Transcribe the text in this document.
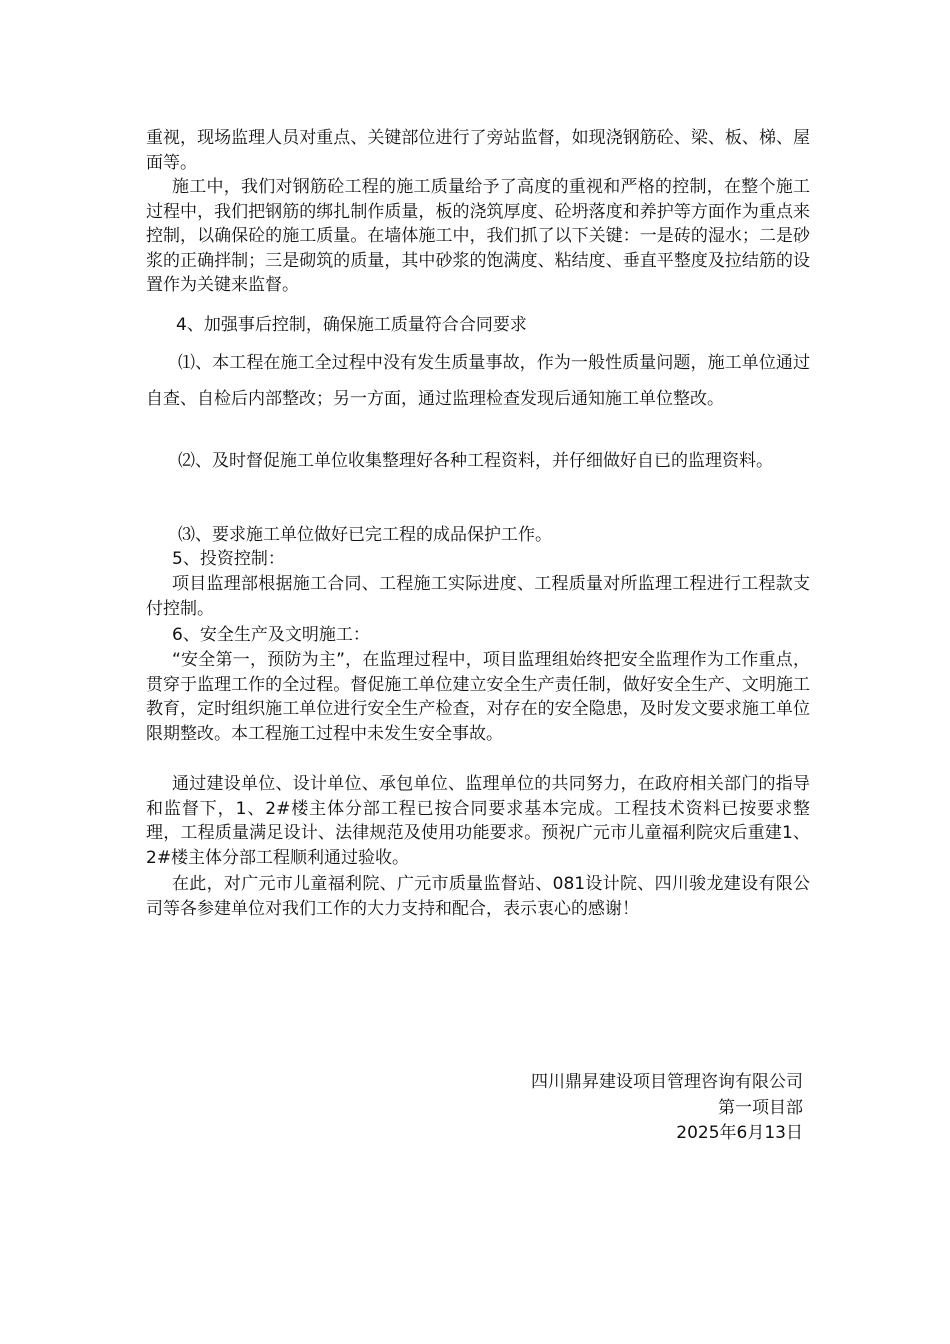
重视，现场监理人员对重点、关键部位进行了旁站监督，如现浇钢筋砼、梁、板、梯、屋面等。

施工中，我们对钢筋砼工程的施工质量给予了高度的重视和严格的控制，在整个施工过程中，我们把钢筋的绑扎制作质量，板的浇筑厚度、砼坍落度和养护等方面作为重点来控制，以确保砼的施工质量。在墙体施工中，我们抓了以下关键：一是砖的湿水；二是砂浆的正确拌制；三是砌筑的质量，其中砂浆的饱满度、粘结度、垂直平整度及拉结筋的设置作为关键来监督。

4、加强事后控制，确保施工质量符合合同要求

⑴、本工程在施工全过程中没有发生质量事故，作为一般性质量问题，施工单位通过自查、自检后内部整改；另一方面，通过监理检查发现后通知施工单位整改。

⑵、及时督促施工单位收集整理好各种工程资料，并仔细做好自已的监理资料。

⑶、要求施工单位做好已完工程的成品保护工作。

5、投资控制：

项目监理部根据施工合同、工程施工实际进度、工程质量对所监理工程进行工程款支付控制。

6、安全生产及文明施工：

“安全第一，预防为主”，在监理过程中，项目监理组始终把安全监理作为工作重点，贯穿于监理工作的全过程。督促施工单位建立安全生产责任制，做好安全生产、文明施工教育，定时组织施工单位进行安全生产检查，对存在的安全隐患，及时发文要求施工单位限期整改。本工程施工过程中未发生安全事故。

通过建设单位、设计单位、承包单位、监理单位的共同努力，在政府相关部门的指导和监督下，1、2#楼主体分部工程已按合同要求基本完成。工程技术资料已按要求整理，工程质量满足设计、法律规范及使用功能要求。预祝广元市儿童福利院灾后重建1、2#楼主体分部工程顺利通过验收。

在此，对广元市儿童福利院、广元市质量监督站、081设计院、四川骏龙建设有限公司等各参建单位对我们工作的大力支持和配合，表示衷心的感谢！

四川鼎昇建设项目管理咨询有限公司

第一项目部

2025年6月13日
